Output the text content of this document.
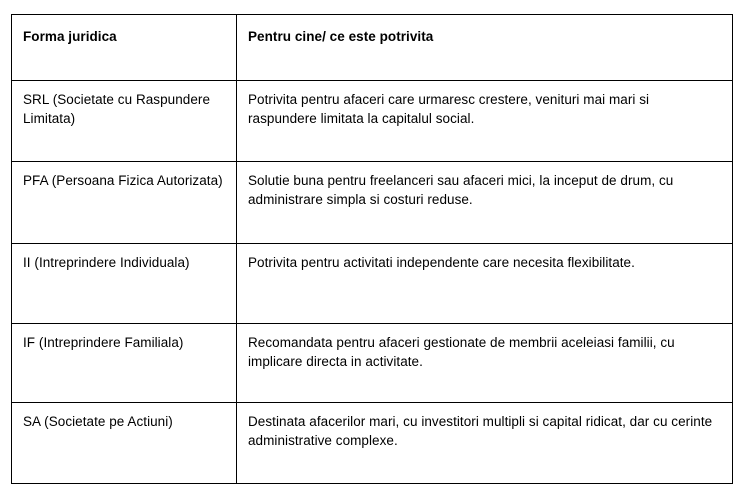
Forma juridica	Pentru cine/ ce este potrivita

SRL (Societate cu Raspundere Limitata)	Potrivita pentru afaceri care urmaresc crestere, venituri mai mari si raspundere limitata la capitalul social.

PFA (Persoana Fizica Autorizata)	Solutie buna pentru freelanceri sau afaceri mici, la inceput de drum, cu administrare simpla si costuri reduse.

II (Intreprindere Individuala)	Potrivita pentru activitati independente care necesita flexibilitate.

IF (Intreprindere Familiala)	Recomandata pentru afaceri gestionate de membrii aceleiasi familii, cu implicare directa in activitate.

SA (Societate pe Actiuni)	Destinata afacerilor mari, cu investitori multipli si capital ridicat, dar cu cerinte administrative complexe.
